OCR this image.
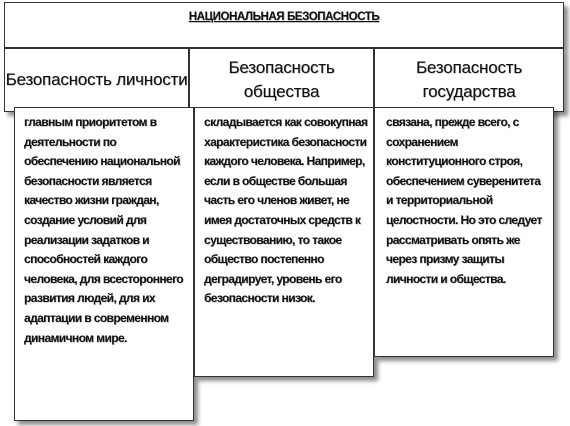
НАЦИОНАЛЬНАЯ БЕЗОПАСНОСТЬ
Безопасность личности
Безопасность общества
Безопасность государства
главным приоритетом в деятельности по обеспечению национальной безопасности является качество жизни граждан, создание условий для реализации задатков и способностей каждого человека, для всестороннего развития людей, для их адаптации в современном динамичном мире.
складывается как совокупная характеристика безопасности каждого человека. Например, если в обществе большая часть его членов живет, не имея достаточных средств к существованию, то такое общество постепенно деградирует, уровень его безопасности низок.
связана, прежде всего, с сохранением конституционного строя, обеспечением суверенитета и территориальной целостности. Но это следует рассматривать опять же через призму защиты личности и общества.
